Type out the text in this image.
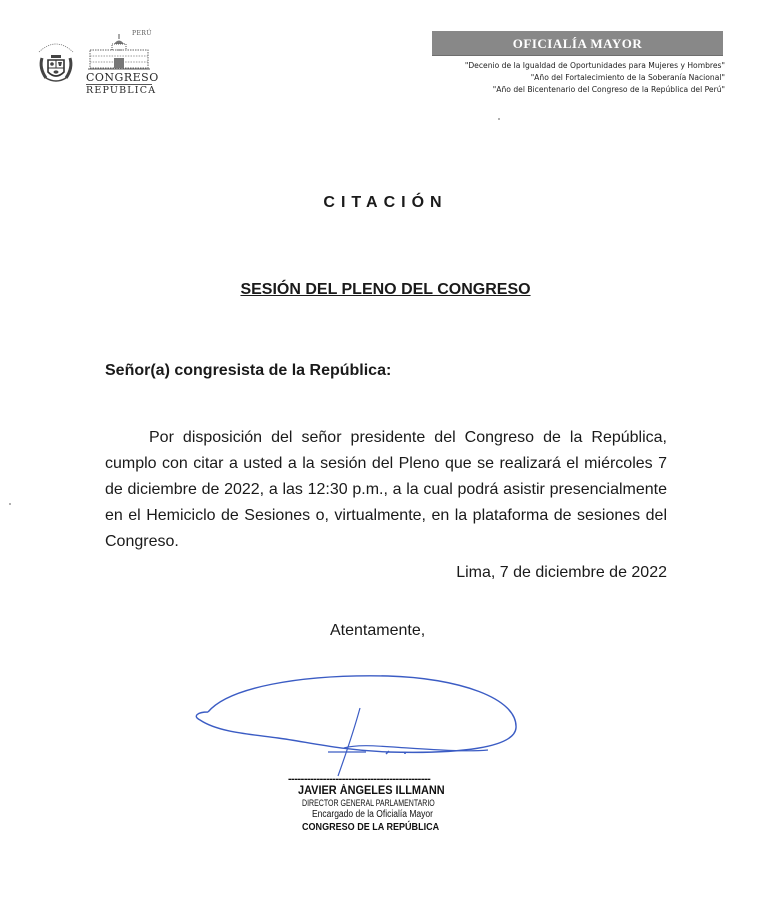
PERÚ
CONGRESO
REPÚBLICA
OFICIALÍA MAYOR
"Decenio de la Igualdad de Oportunidades para Mujeres y Hombres"
"Año del Fortalecimiento de la Soberanía Nacional"
"Año del Bicentenario del Congreso de la República del Perú"
CITACIÓN
SESIÓN DEL PLENO DEL CONGRESO
Señor(a) congresista de la República:
Por disposición del señor presidente del Congreso de la República, cumplo con citar a usted a la sesión del Pleno que se realizará el miércoles 7 de diciembre de 2022, a las 12:30 p.m., a la cual podrá asistir presencialmente en el Hemiciclo de Sesiones o, virtualmente, en la plataforma de sesiones del Congreso.
Lima, 7 de diciembre de 2022
Atentamente,
---------------------------------------------
JAVIER ÁNGELES ILLMANN
DIRECTOR GENERAL PARLAMENTARIO
Encargado de la Oficialía Mayor
CONGRESO DE LA REPÚBLICA
